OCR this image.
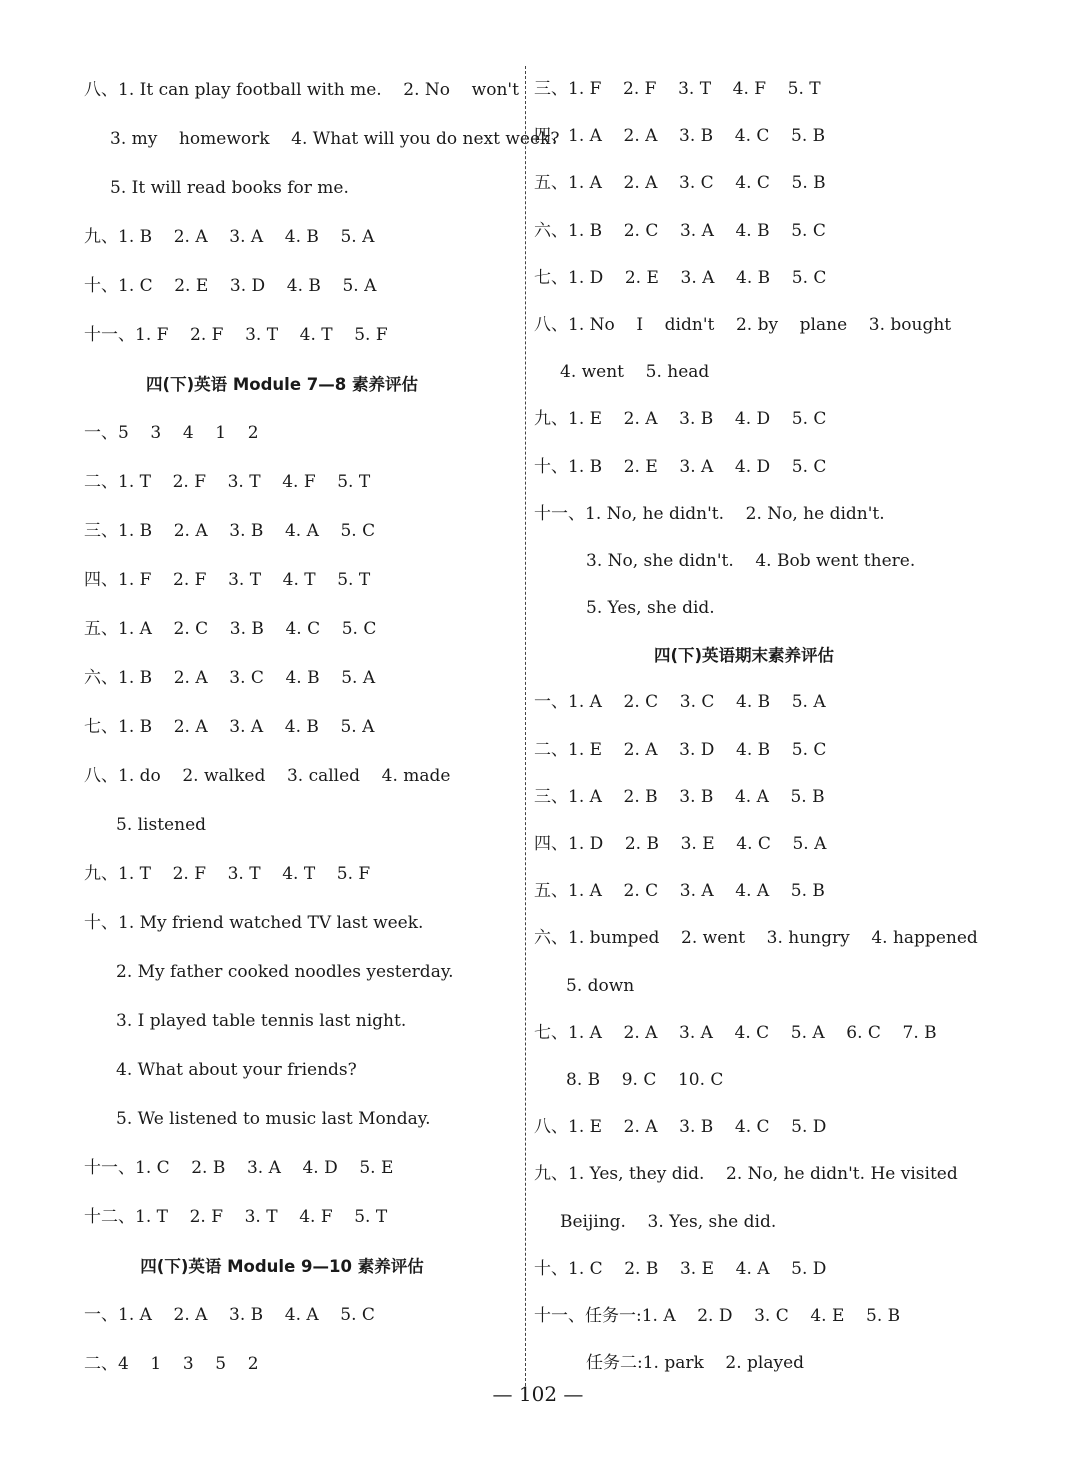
八、1. It can play football with me.    2. No    won't
3. my    homework    4. What will you do next week?
5. It will read books for me.
九、1. B    2. A    3. A    4. B    5. A
十、1. C    2. E    3. D    4. B    5. A
十一、1. F    2. F    3. T    4. T    5. F
四(下)英语 Module 7—8 素养评估
一、5    3    4    1    2
二、1. T    2. F    3. T    4. F    5. T
三、1. B    2. A    3. B    4. A    5. C
四、1. F    2. F    3. T    4. T    5. T
五、1. A    2. C    3. B    4. C    5. C
六、1. B    2. A    3. C    4. B    5. A
七、1. B    2. A    3. A    4. B    5. A
八、1. do    2. walked    3. called    4. made
5. listened
九、1. T    2. F    3. T    4. T    5. F
十、1. My friend watched TV last week.
2. My father cooked noodles yesterday.
3. I played table tennis last night.
4. What about your friends?
5. We listened to music last Monday.
十一、1. C    2. B    3. A    4. D    5. E
十二、1. T    2. F    3. T    4. F    5. T
四(下)英语 Module 9—10 素养评估
一、1. A    2. A    3. B    4. A    5. C
二、4    1    3    5    2
三、1. F    2. F    3. T    4. F    5. T
四、1. A    2. A    3. B    4. C    5. B
五、1. A    2. A    3. C    4. C    5. B
六、1. B    2. C    3. A    4. B    5. C
七、1. D    2. E    3. A    4. B    5. C
八、1. No    I    didn't    2. by    plane    3. bought
4. went    5. head
九、1. E    2. A    3. B    4. D    5. C
十、1. B    2. E    3. A    4. D    5. C
十一、1. No, he didn't.    2. No, he didn't.
3. No, she didn't.    4. Bob went there.
5. Yes, she did.
四(下)英语期末素养评估
一、1. A    2. C    3. C    4. B    5. A
二、1. E    2. A    3. D    4. B    5. C
三、1. A    2. B    3. B    4. A    5. B
四、1. D    2. B    3. E    4. C    5. A
五、1. A    2. C    3. A    4. A    5. B
六、1. bumped    2. went    3. hungry    4. happened
5. down
七、1. A    2. A    3. A    4. C    5. A    6. C    7. B
8. B    9. C    10. C
八、1. E    2. A    3. B    4. C    5. D
九、1. Yes, they did.    2. No, he didn't. He visited
Beijing.    3. Yes, she did.
十、1. C    2. B    3. E    4. A    5. D
十一、任务一:1. A    2. D    3. C    4. E    5. B
任务二:1. park    2. played
— 102 —
